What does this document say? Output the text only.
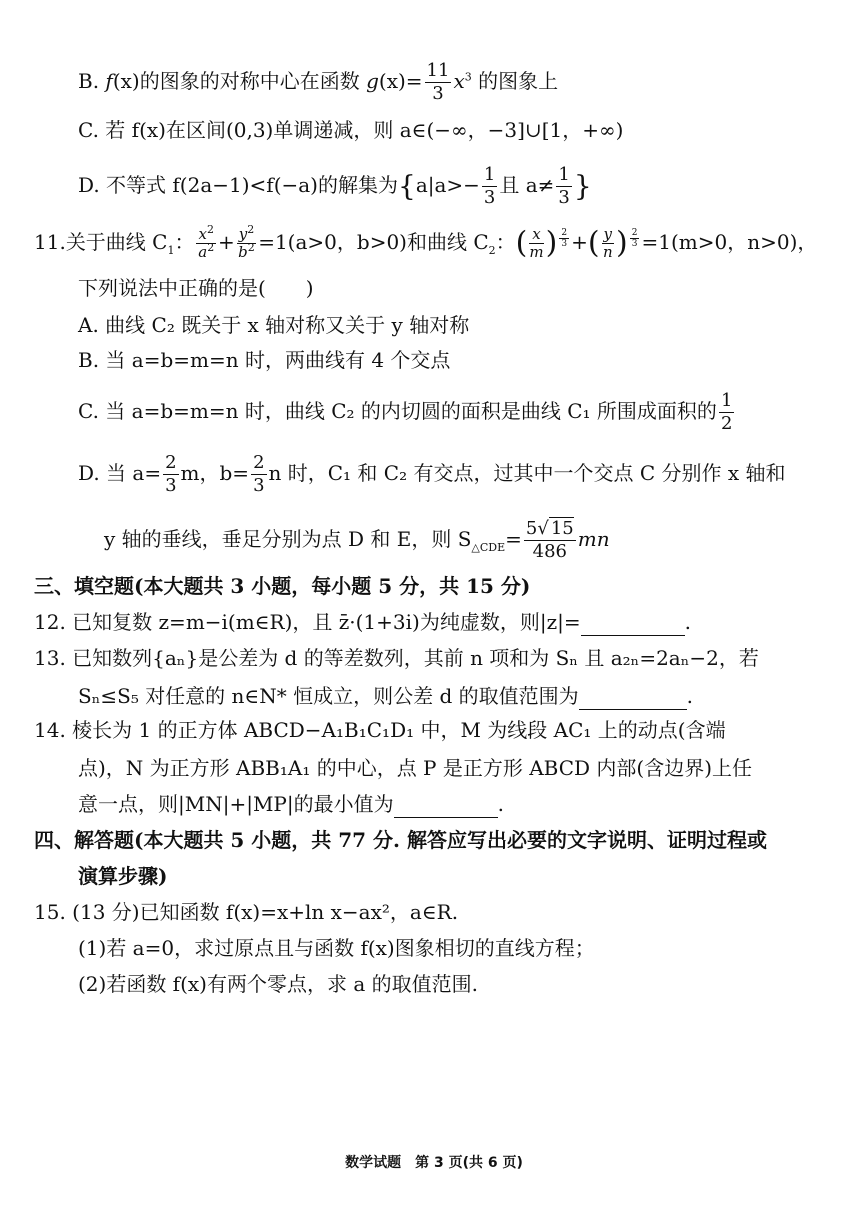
B. f(x)的图象的对称中心在函数 $g(x)= \frac{11}{3} x^3$ 的图象上
C. 若 f(x)在区间(0,3)单调递减，则 a∈(−∞，−3]∪[1，+∞)
D. 不等式 f(2a−1)<f(−a)的解集为{$a|a>- \frac{1}{3}$ 且 $a\ne \frac{1}{3}$ }
11.关于曲线 $C_1$： $\frac{x^2}{a^2} + \frac{y^2}{b^2} =1(a>0$，b>0)和曲线 $C_2$：( $\frac{x}{m}$ ) $^{\frac{2}{3}}$ +( $\frac{y}{n}$ ) $^{\frac{2}{3}}$ =1(m>0，n>0)，
下列说法中正确的是(　　)
A. 曲线 C₂ 既关于 x 轴对称又关于 y 轴对称
B. 当 a=b=m=n 时，两曲线有 4 个交点
C. 当 a=b=m=n 时，曲线 C₂ 的内切圆的面积是曲线 C₁ 所围成面积的 $\frac{1}{2}$
D. 当 $a= \frac{2}{3}$ m，$b= \frac{2}{3}$ n 时，C₁ 和 C₂ 有交点，过其中一个交点 C 分别作 x 轴和
y 轴的垂线，垂足分别为点 D 和 E，则 $S_{\triangle CDE}= \frac{5√ 15}{486}$ mn
三、填空题(本大题共 3 小题，每小题 5 分，共 15 分)
12. 已知复数 z=m−i(m∈R)，且 z̄·(1+3i)为纯虚数，则|z|=	.
13. 已知数列{aₙ}是公差为 d 的等差数列，其前 n 项和为 Sₙ 且 a₂ₙ=2aₙ−2，若
Sₙ≤S₅ 对任意的 n∈N* 恒成立，则公差 d 的取值范围为	.
14. 棱长为 1 的正方体 ABCD−A₁B₁C₁D₁ 中，M 为线段 AC₁ 上的动点(含端
点)，N 为正方形 ABB₁A₁ 的中心，点 P 是正方形 ABCD 内部(含边界)上任
意一点，则|MN|+|MP|的最小值为	.
四、解答题(本大题共 5 小题，共 77 分. 解答应写出必要的文字说明、证明过程或
演算步骤)
15. (13 分)已知函数 f(x)=x+ln x−ax²，a∈R.
(1)若 a=0，求过原点且与函数 f(x)图象相切的直线方程；
(2)若函数 f(x)有两个零点，求 a 的取值范围.
数学试题　第 3 页(共 6 页)
